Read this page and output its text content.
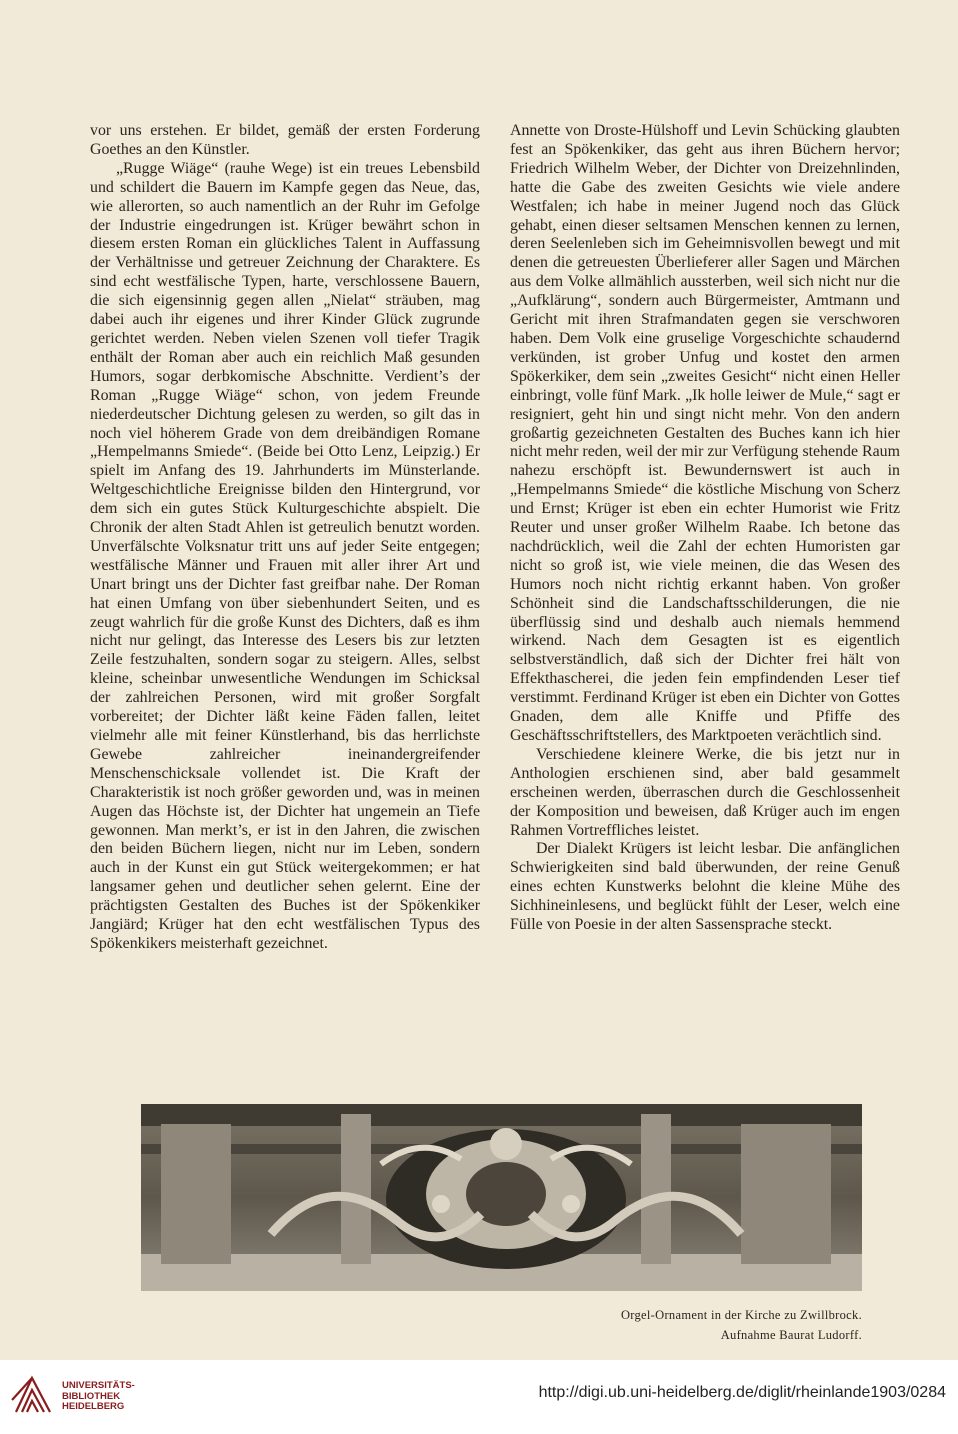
vor uns erstehen. Er bildet, gemäß der ersten Forderung Goethes an den Künstler.

„Rugge Wiäge“ (rauhe Wege) ist ein treues Lebensbild und schildert die Bauern im Kampfe gegen das Neue, das, wie allerorten, so auch namentlich an der Ruhr im Gefolge der Industrie eingedrungen ist. Krüger bewährt schon in diesem ersten Roman ein glückliches Talent in Auffassung der Verhältnisse und getreuer Zeichnung der Charaktere. Es sind echt westfälische Typen, harte, verschlossene Bauern, die sich eigensinnig gegen allen „Nielat“ sträuben, mag dabei auch ihr eigenes und ihrer Kinder Glück zugrunde gerichtet werden. Neben vielen Szenen voll tiefer Tragik enthält der Roman aber auch ein reichlich Maß gesunden Humors, sogar derbkomische Abschnitte. Verdient’s der Roman „Rugge Wiäge“ schon, von jedem Freunde niederdeutscher Dichtung gelesen zu werden, so gilt das in noch viel höherem Grade von dem dreibändigen Romane „Hempelmanns Smiede“. (Beide bei Otto Lenz, Leipzig.) Er spielt im Anfang des 19. Jahrhunderts im Münsterlande. Weltgeschichtliche Ereignisse bilden den Hintergrund, vor dem sich ein gutes Stück Kulturgeschichte abspielt. Die Chronik der alten Stadt Ahlen ist getreulich benutzt worden. Unverfälschte Volksnatur tritt uns auf jeder Seite entgegen; westfälische Männer und Frauen mit aller ihrer Art und Unart bringt uns der Dichter fast greifbar nahe. Der Roman hat einen Umfang von über siebenhundert Seiten, und es zeugt wahrlich für die große Kunst des Dichters, daß es ihm nicht nur gelingt, das Interesse des Lesers bis zur letzten Zeile festzuhalten, sondern sogar zu steigern. Alles, selbst kleine, scheinbar unwesentliche Wendungen im Schicksal der zahlreichen Personen, wird mit großer Sorgfalt vorbereitet; der Dichter läßt keine Fäden fallen, leitet vielmehr alle mit feiner Künstlerhand, bis das herrlichste Gewebe zahlreicher ineinandergreifender Menschenschicksale vollendet ist. Die Kraft der Charakteristik ist noch größer geworden und, was in meinen Augen das Höchste ist, der Dichter hat ungemein an Tiefe gewonnen. Man merkt’s, er ist in den Jahren, die zwischen den beiden Büchern liegen, nicht nur im Leben, sondern auch in der Kunst ein gut Stück weitergekommen; er hat langsamer gehen und deutlicher sehen gelernt. Eine der prächtigsten Gestalten des Buches ist der Spökenkiker Jangiärd; Krüger hat den echt westfälischen Typus des Spökenkikers meisterhaft gezeichnet.

Annette von Droste-Hülshoff und Levin Schücking glaubten fest an Spökenkiker, das geht aus ihren Büchern hervor; Friedrich Wilhelm Weber, der Dichter von Dreizehnlinden, hatte die Gabe des zweiten Gesichts wie viele andere Westfalen; ich habe in meiner Jugend noch das Glück gehabt, einen dieser seltsamen Menschen kennen zu lernen, deren Seelenleben sich im Geheimnisvollen bewegt und mit denen die getreuesten Überlieferer aller Sagen und Märchen aus dem Volke allmählich aussterben, weil sich nicht nur die „Aufklärung“, sondern auch Bürgermeister, Amtmann und Gericht mit ihren Strafmandaten gegen sie verschworen haben. Dem Volk eine gruselige Vorgeschichte schaudernd verkünden, ist grober Unfug und kostet den armen Spökerkiker, dem sein „zweites Gesicht“ nicht einen Heller einbringt, volle fünf Mark. „Ik holle leiwer de Mule,“ sagt er resigniert, geht hin und singt nicht mehr. Von den andern großartig gezeichneten Gestalten des Buches kann ich hier nicht mehr reden, weil der mir zur Verfügung stehende Raum nahezu erschöpft ist. Bewundernswert ist auch in „Hempelmanns Smiede“ die köstliche Mischung von Scherz und Ernst; Krüger ist eben ein echter Humorist wie Fritz Reuter und unser großer Wilhelm Raabe. Ich betone das nachdrücklich, weil die Zahl der echten Humoristen gar nicht so groß ist, wie viele meinen, die das Wesen des Humors noch nicht richtig erkannt haben. Von großer Schönheit sind die Landschaftsschilderungen, die nie überflüssig sind und deshalb auch niemals hemmend wirkend. Nach dem Gesagten ist es eigentlich selbstverständlich, daß sich der Dichter frei hält von Effekthascherei, die jeden fein empfindenden Leser tief verstimmt. Ferdinand Krüger ist eben ein Dichter von Gottes Gnaden, dem alle Kniffe und Pfiffe des Geschäftsschriftstellers, des Marktpoeten verächtlich sind.

Verschiedene kleinere Werke, die bis jetzt nur in Anthologien erschienen sind, aber bald gesammelt erscheinen werden, überraschen durch die Geschlossenheit der Komposition und beweisen, daß Krüger auch im engen Rahmen Vortreffliches leistet.

Der Dialekt Krügers ist leicht lesbar. Die anfänglichen Schwierigkeiten sind bald überwunden, der reine Genuß eines echten Kunstwerks belohnt die kleine Mühe des Sichhineinlesens, und beglückt fühlt der Leser, welch eine Fülle von Poesie in der alten Sassensprache steckt.

Orgel-Ornament in der Kirche zu Zwillbrock.
Aufnahme Baurat Ludorff.
UNIVERSITÄTS-
BIBLIOTHEK
HEIDELBERG
http://digi.ub.uni-heidelberg.de/diglit/rheinlande1903/0284
